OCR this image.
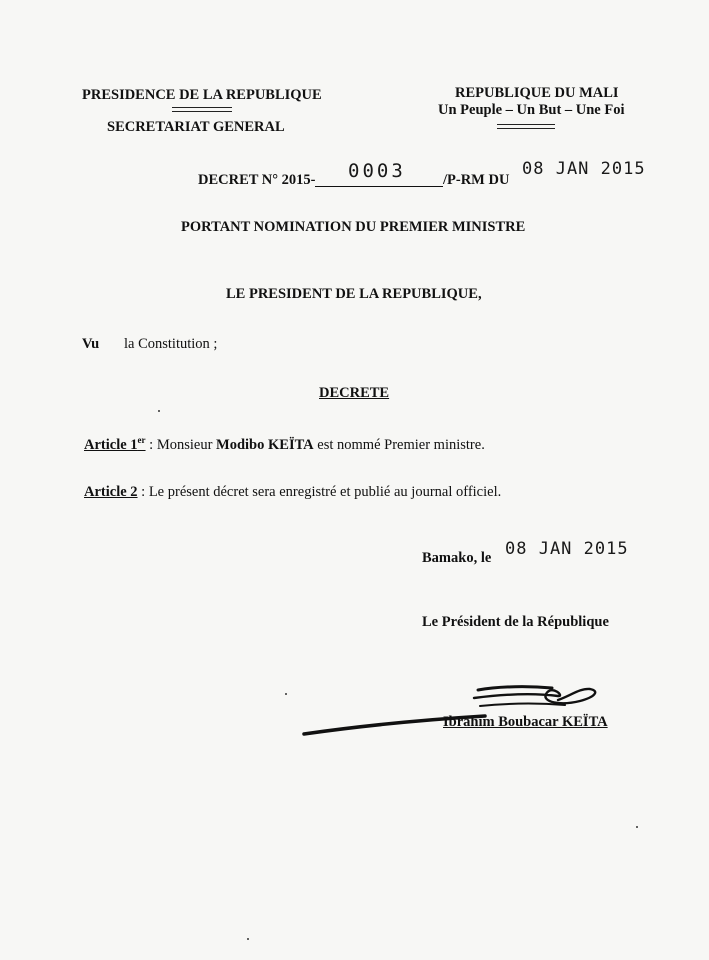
PRESIDENCE DE LA REPUBLIQUE
SECRETARIAT GENERAL
REPUBLIQUE DU MALI
Un Peuple – Un But – Une Foi
DECRET N° 2015- 0003	/P-RM DU
08 JAN 2015
PORTANT NOMINATION DU PREMIER MINISTRE
LE PRESIDENT DE LA REPUBLIQUE,
Vu la Constitution ;
DECRETE
Article 1er : Monsieur Modibo KEÏTA est nommé Premier ministre.
Article 2 : Le présent décret sera enregistré et publié au journal officiel.
Bamako, le 08 JAN 2015
Le Président de la République
Ibrahim Boubacar KEÏTA
